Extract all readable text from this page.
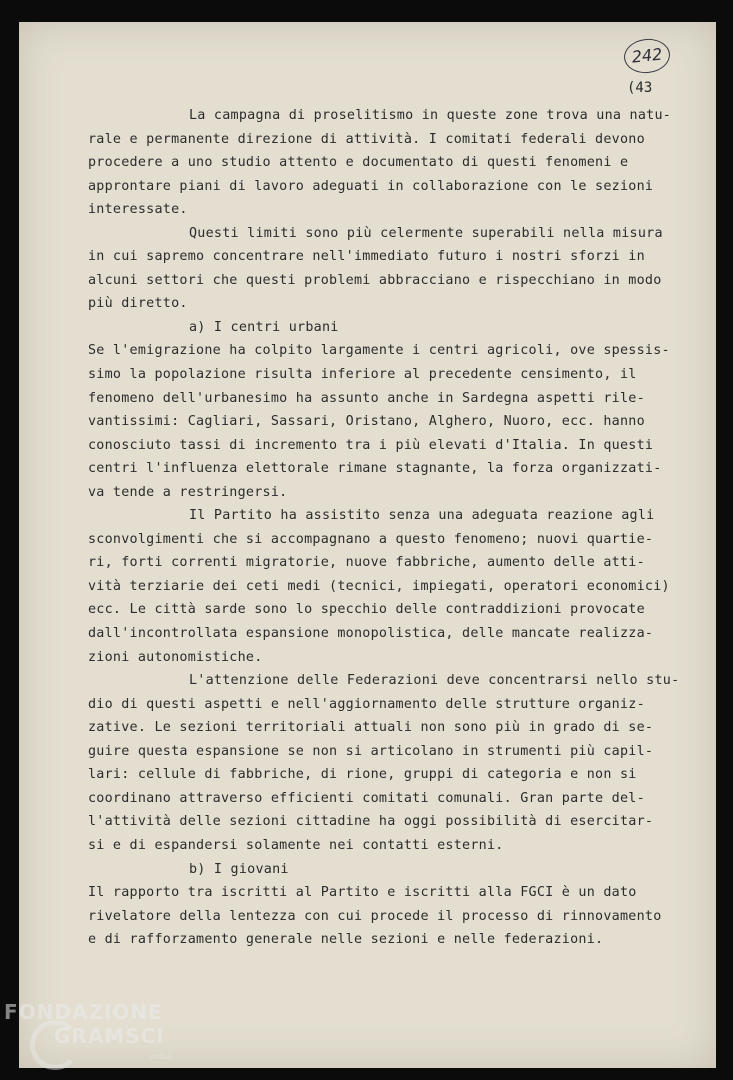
242
(43
La campagna di proselitismo in queste zone trova una natu-
rale e permanente direzione di attività. I comitati federali devono
procedere a uno studio attento e documentato di questi fenomeni e
approntare piani di lavoro adeguati in collaborazione con le sezioni
interessate.
Questi limiti sono più celermente superabili nella misura
in cui sapremo concentrare nell'immediato futuro i nostri sforzi in
alcuni settori che questi problemi abbracciano e rispecchiano in modo
più diretto.
a) I centri urbani
Se l'emigrazione ha colpito largamente i centri agricoli, ove spessis-
simo la popolazione risulta inferiore al precedente censimento, il
fenomeno dell'urbanesimo ha assunto anche in Sardegna aspetti rile-
vantissimi: Cagliari, Sassari, Oristano, Alghero, Nuoro, ecc. hanno
conosciuto tassi di incremento tra i più elevati d'Italia. In questi
centri l'influenza elettorale rimane stagnante, la forza organizzati-
va tende a restringersi.
Il Partito ha assistito senza una adeguata reazione agli
sconvolgimenti che si accompagnano a questo fenomeno; nuovi quartie-
ri, forti correnti migratorie, nuove fabbriche, aumento delle atti-
vità terziarie dei ceti medi (tecnici, impiegati, operatori economici)
ecc. Le città sarde sono lo specchio delle contraddizioni provocate
dall'incontrollata espansione monopolistica, delle mancate realizza-
zioni autonomistiche.
L'attenzione delle Federazioni deve concentrarsi nello stu-
dio di questi aspetti e nell'aggiornamento delle strutture organiz-
zative. Le sezioni territoriali attuali non sono più in grado di se-
guire questa espansione se non si articolano in strumenti più capil-
lari: cellule di fabbriche, di rione, gruppi di categoria e non si
coordinano attraverso efficienti comitati comunali. Gran parte del-
l'attività delle sezioni cittadine ha oggi possibilità di esercitar-
si e di espandersi solamente nei contatti esterni.
b) I giovani
Il rapporto tra iscritti al Partito e iscritti alla FGCI è un dato
rivelatore della lentezza con cui procede il processo di rinnovamento
e di rafforzamento generale nelle sezioni e nelle federazioni.
FONDAZIONE
GRAMSCI
onlus
